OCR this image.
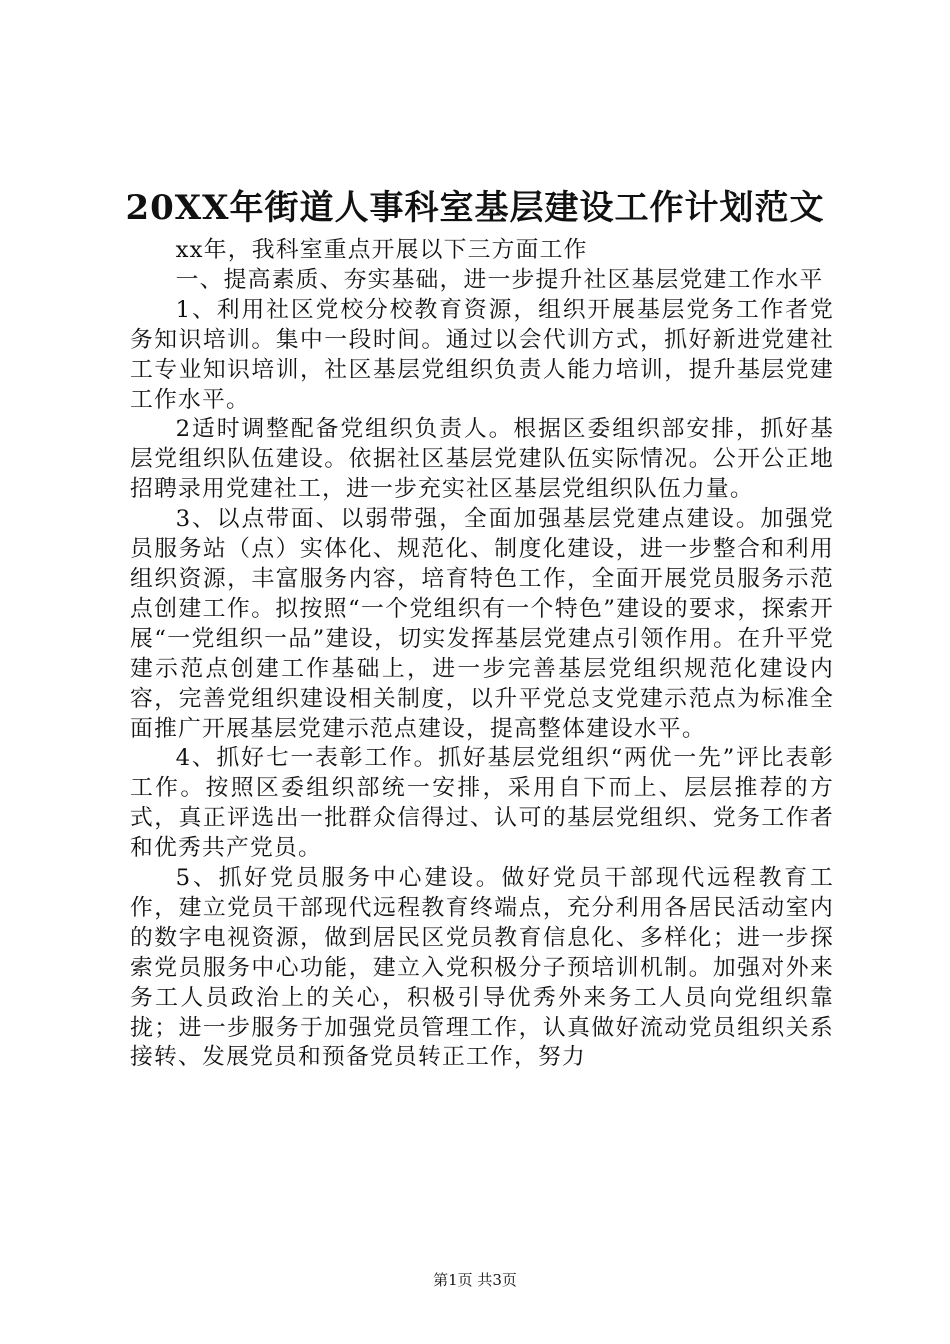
20XX年街道人事科室基层建设工作计划范文

xx年，我科室重点开展以下三方面工作

一、提高素质、夯实基础，进一步提升社区基层党建工作水平

1、利用社区党校分校教育资源，组织开展基层党务工作者党务知识培训。集中一段时间。通过以会代训方式，抓好新进党建社工专业知识培训，社区基层党组织负责人能力培训，提升基层党建工作水平。

2适时调整配备党组织负责人。根据区委组织部安排，抓好基层党组织队伍建设。依据社区基层党建队伍实际情况。公开公正地招聘录用党建社工，进一步充实社区基层党组织队伍力量。

3、以点带面、以弱带强，全面加强基层党建点建设。加强党员服务站（点）实体化、规范化、制度化建设，进一步整合和利用组织资源，丰富服务内容，培育特色工作，全面开展党员服务示范点创建工作。拟按照“一个党组织有一个特色”建设的要求，探索开展“一党组织一品”建设，切实发挥基层党建点引领作用。在升平党建示范点创建工作基础上，进一步完善基层党组织规范化建设内容，完善党组织建设相关制度，以升平党总支党建示范点为标准全面推广开展基层党建示范点建设，提高整体建设水平。

4、抓好七一表彰工作。抓好基层党组织“两优一先”评比表彰工作。按照区委组织部统一安排，采用自下而上、层层推荐的方式，真正评选出一批群众信得过、认可的基层党组织、党务工作者和优秀共产党员。

5、抓好党员服务中心建设。做好党员干部现代远程教育工作，建立党员干部现代远程教育终端点，充分利用各居民活动室内的数字电视资源，做到居民区党员教育信息化、多样化；进一步探索党员服务中心功能，建立入党积极分子预培训机制。加强对外来务工人员政治上的关心，积极引导优秀外来务工人员向党组织靠拢；进一步服务于加强党员管理工作，认真做好流动党员组织关系接转、发展党员和预备党员转正工作，努力

第1页 共3页
